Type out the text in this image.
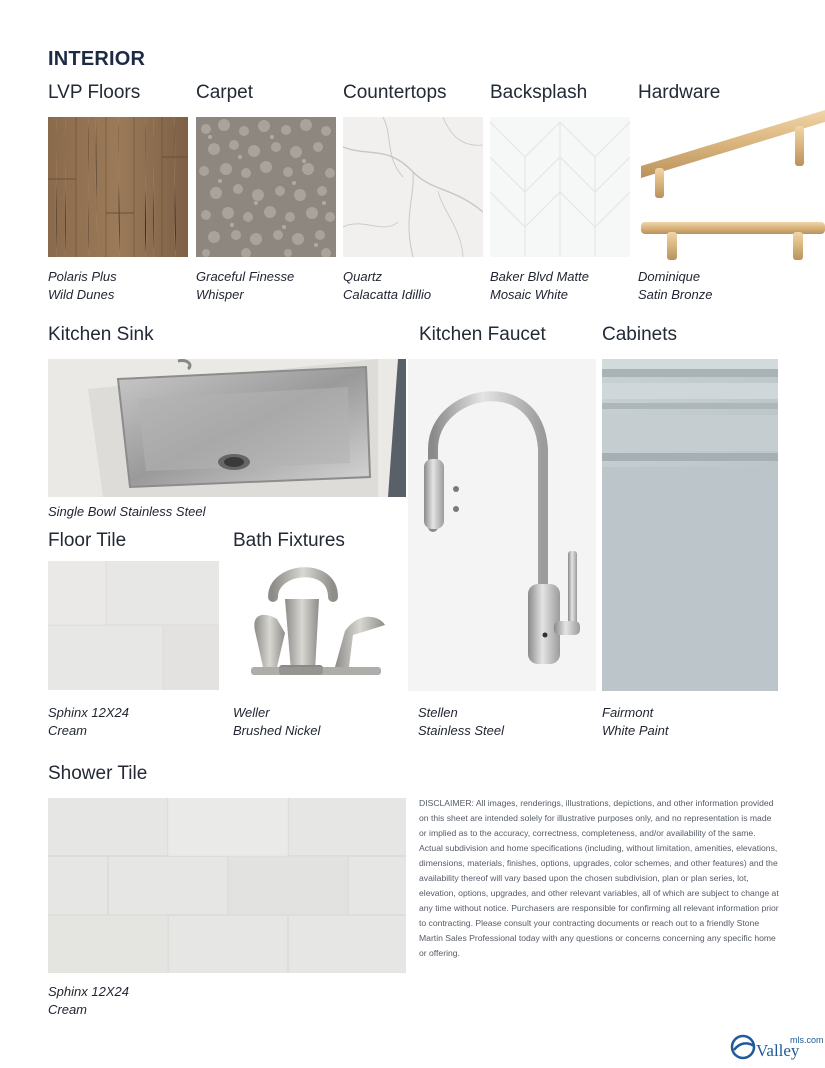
INTERIOR
LVP Floors	Carpet	Countertops Backsplash	Hardware
Polaris Plus
Wild Dunes
Graceful Finesse
Whisper
Quartz
Calacatta Idillio
Baker Blvd Matte
Mosaic White
Dominique
Satin Bronze
Kitchen Sink	Kitchen Faucet	Cabinets
Single Bowl Stainless Steel
Stellen
Stainless Steel
Fairmont
White Paint
Floor Tile	Bath Fixtures
Sphinx 12X24
Cream
Weller
Brushed Nickel
Shower Tile
Sphinx 12X24
Cream
DISCLAIMER: All images, renderings, illustrations, depictions, and other information provided on this sheet are intended solely for illustrative purposes only, and no representation is made or implied as to the accuracy, correctness, completeness, and/or availability of the same. Actual subdivision and home specifications (including, without limitation, amenities, elevations, dimensions, materials, finishes, options, upgrades, color schemes, and other features) and the availability thereof will vary based upon the chosen subdivision, plan or plan series, lot, elevation, options, upgrades, and other relevant variables, all of which are subject to change at any time without notice. Purchasers are responsible for confirming all relevant information prior to contracting. Please consult your contracting documents or reach out to a friendly Stone Martin Sales Professional today with any questions or concerns concerning any specific home or offering.
Valley
mls.com
